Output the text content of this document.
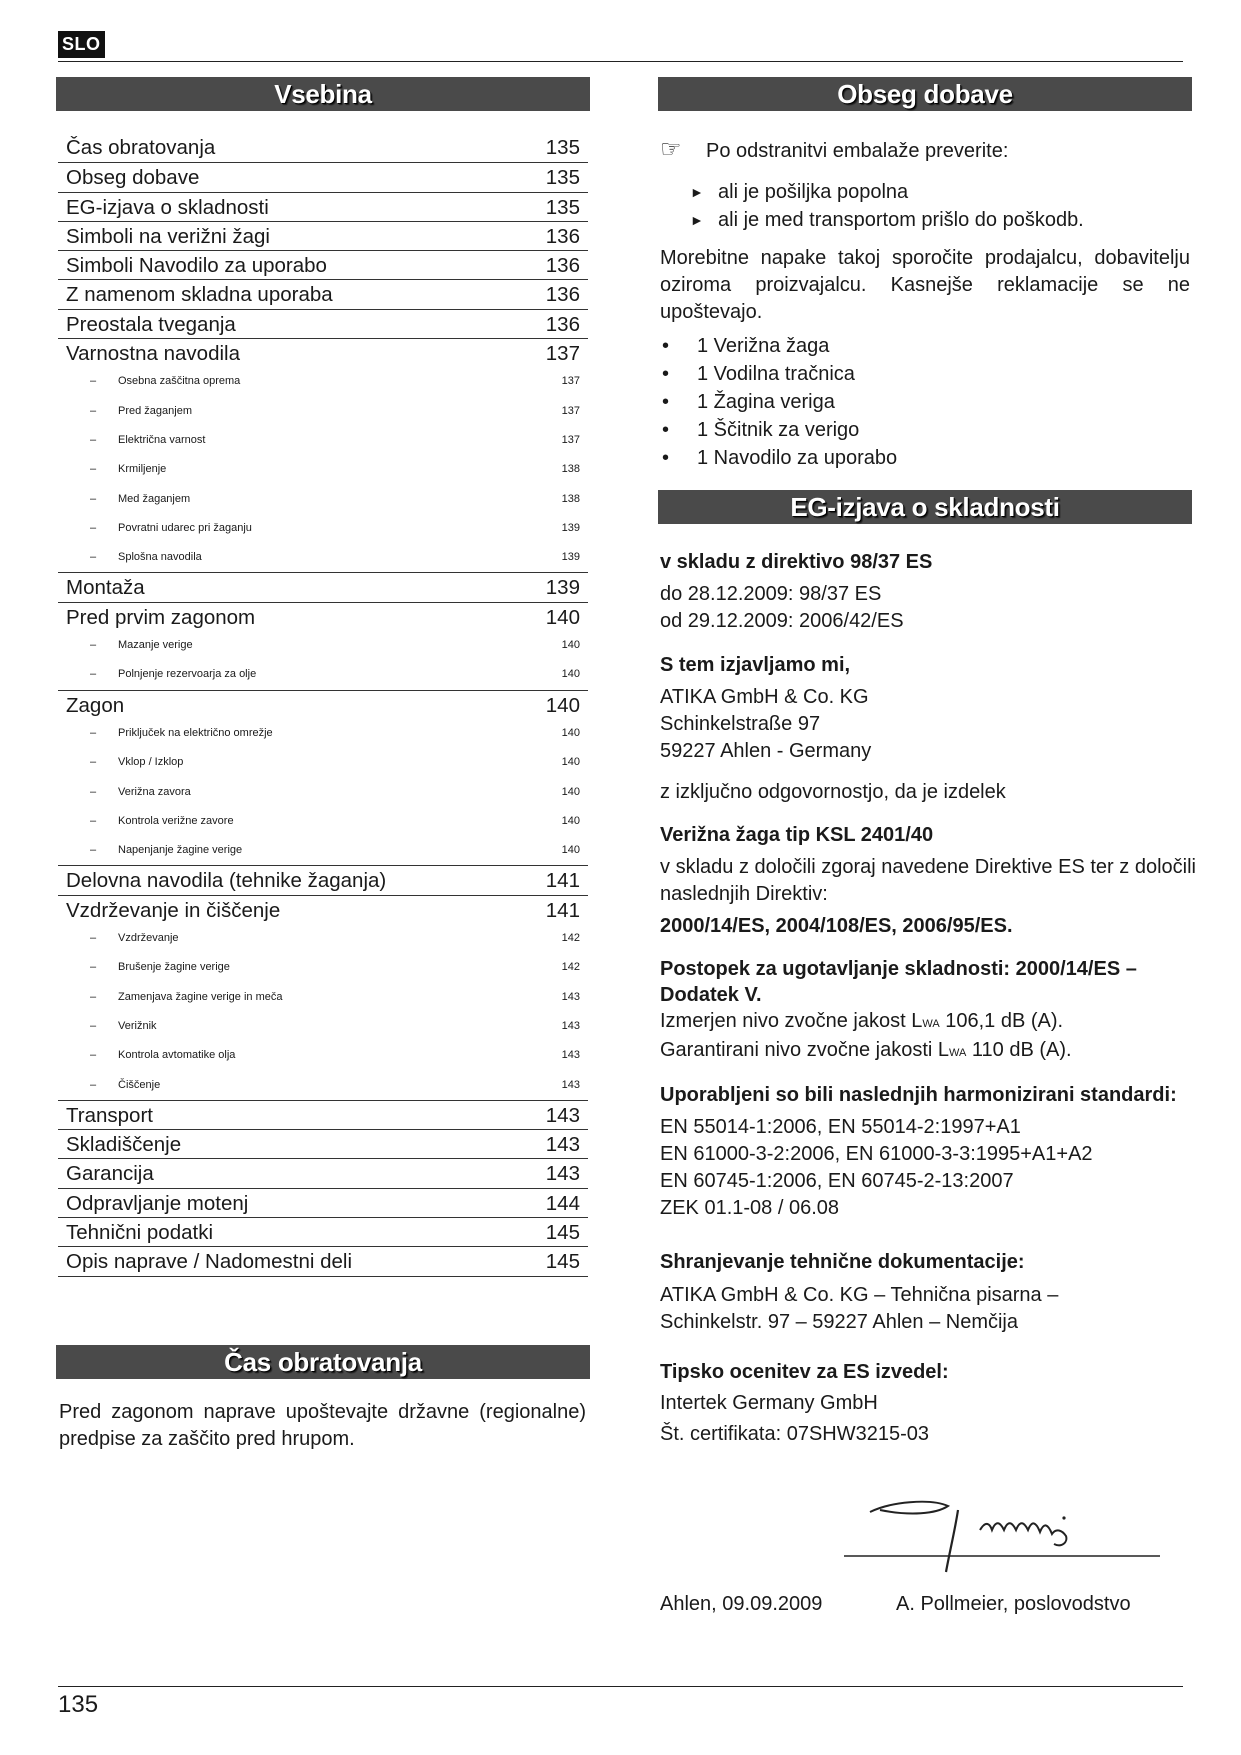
SLO
Vsebina
Čas obratovanja	135
Obseg dobave	135
EG-izjava o skladnosti	135
Simboli na verižni žagi	136
Simboli Navodilo za uporabo	136
Z namenom skladna uporaba	136
Preostala tveganja	136
Varnostna navodila	137
– Osebna zaščitna oprema	137
– Pred žaganjem	137
– Električna varnost	137
– Krmiljenje	138
– Med žaganjem	138
– Povratni udarec pri žaganju	139
– Splošna navodila	139
Montaža	139
Pred prvim zagonom	140
– Mazanje verige	140
– Polnjenje rezervoarja za olje	140
Zagon	140
– Priključek na električno omrežje	140
– Vklop / Izklop	140
– Verižna zavora	140
– Kontrola verižne zavore	140
– Napenjanje žagine verige	140
Delovna navodila (tehnike žaganja)	141
Vzdrževanje in čiščenje	141
– Vzdrževanje	142
– Brušenje žagine verige	142
– Zamenjava žagine verige in meča	143
– Verižnik	143
– Kontrola avtomatike olja	143
– Čiščenje	143
Transport	143
Skladiščenje	143
Garancija	143
Odpravljanje motenj	144
Tehnični podatki	145
Opis naprave / Nadomestni deli	145
Čas obratovanja
Pred zagonom naprave upoštevajte državne (regionalne) predpise za zaščito pred hrupom.
Obseg dobave
☞ Po odstranitvi embalaže preverite:
► ali je pošiljka popolna
► ali je med transportom prišlo do poškodb.
Morebitne napake takoj sporočite prodajalcu, dobavitelju oziroma proizvajalcu. Kasnejše reklamacije se ne upoštevajo.
• 1 Verižna žaga
• 1 Vodilna tračnica
• 1 Žagina veriga
• 1 Ščitnik za verigo
• 1 Navodilo za uporabo
EG-izjava o skladnosti
v skladu z direktivo 98/37 ES
do 28.12.2009: 98/37 ES
od 29.12.2009: 2006/42/ES
S tem izjavljamo mi,
ATIKA GmbH & Co. KG
Schinkelstraße 97
59227 Ahlen - Germany
z izključno odgovornostjo, da je izdelek
Verižna žaga tip KSL 2401/40
v skladu z določili zgoraj navedene Direktive ES ter z določili naslednjih Direktiv:
2000/14/ES, 2004/108/ES, 2006/95/ES.
Postopek za ugotavljanje skladnosti: 2000/14/ES –
Dodatek V.
Izmerjen nivo zvočne jakost LWA 106,1 dB (A).
Garantirani nivo zvočne jakosti LWA 110 dB (A).
Uporabljeni so bili naslednjih harmonizirani standardi:
EN 55014-1:2006, EN 55014-2:1997+A1
EN 61000-3-2:2006, EN 61000-3-3:1995+A1+A2
EN 60745-1:2006, EN 60745-2-13:2007
ZEK 01.1-08 / 06.08
Shranjevanje tehnične dokumentacije:
ATIKA GmbH & Co. KG – Tehnična pisarna –
Schinkelstr. 97 – 59227 Ahlen – Nemčija
Tipsko ocenitev za ES izvedel:
Intertek Germany GmbH
Št. certifikata: 07SHW3215-03
Ahlen, 09.09.2009	A. Pollmeier, poslovodstvo
135
